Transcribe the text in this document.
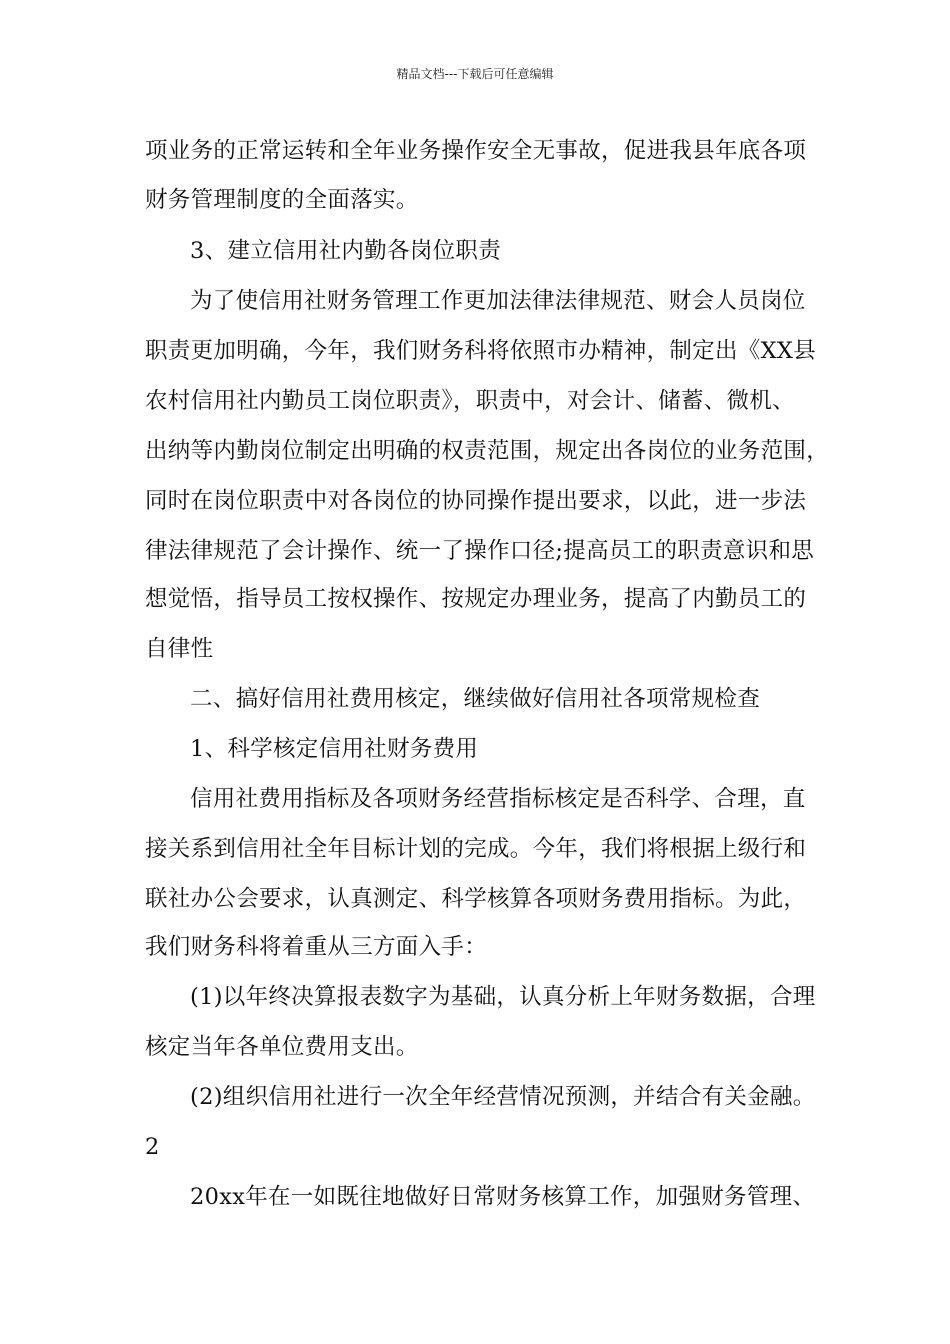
精品文档---下载后可任意编辑
项业务的正常运转和全年业务操作安全无事故，促进我县年底各项
财务管理制度的全面落实。
3、建立信用社内勤各岗位职责
为了使信用社财务管理工作更加法律法律规范、财会人员岗位
职责更加明确，今年，我们财务科将依照市办精神，制定出《XX县
农村信用社内勤员工岗位职责》，职责中，对会计、储蓄、微机、
出纳等内勤岗位制定出明确的权责范围，规定出各岗位的业务范围，
同时在岗位职责中对各岗位的协同操作提出要求，以此，进一步法
律法律规范了会计操作、统一了操作口径;提高员工的职责意识和思
想觉悟，指导员工按权操作、按规定办理业务，提高了内勤员工的
自律性
二、搞好信用社费用核定，继续做好信用社各项常规检查
1、科学核定信用社财务费用
信用社费用指标及各项财务经营指标核定是否科学、合理，直
接关系到信用社全年目标计划的完成。今年，我们将根据上级行和
联社办公会要求，认真测定、科学核算各项财务费用指标。为此，
我们财务科将着重从三方面入手：
(1)以年终决算报表数字为基础，认真分析上年财务数据，合理
核定当年各单位费用支出。
(2)组织信用社进行一次全年经营情况预测，并结合有关金融。
2
20xx年在一如既往地做好日常财务核算工作，加强财务管理、
